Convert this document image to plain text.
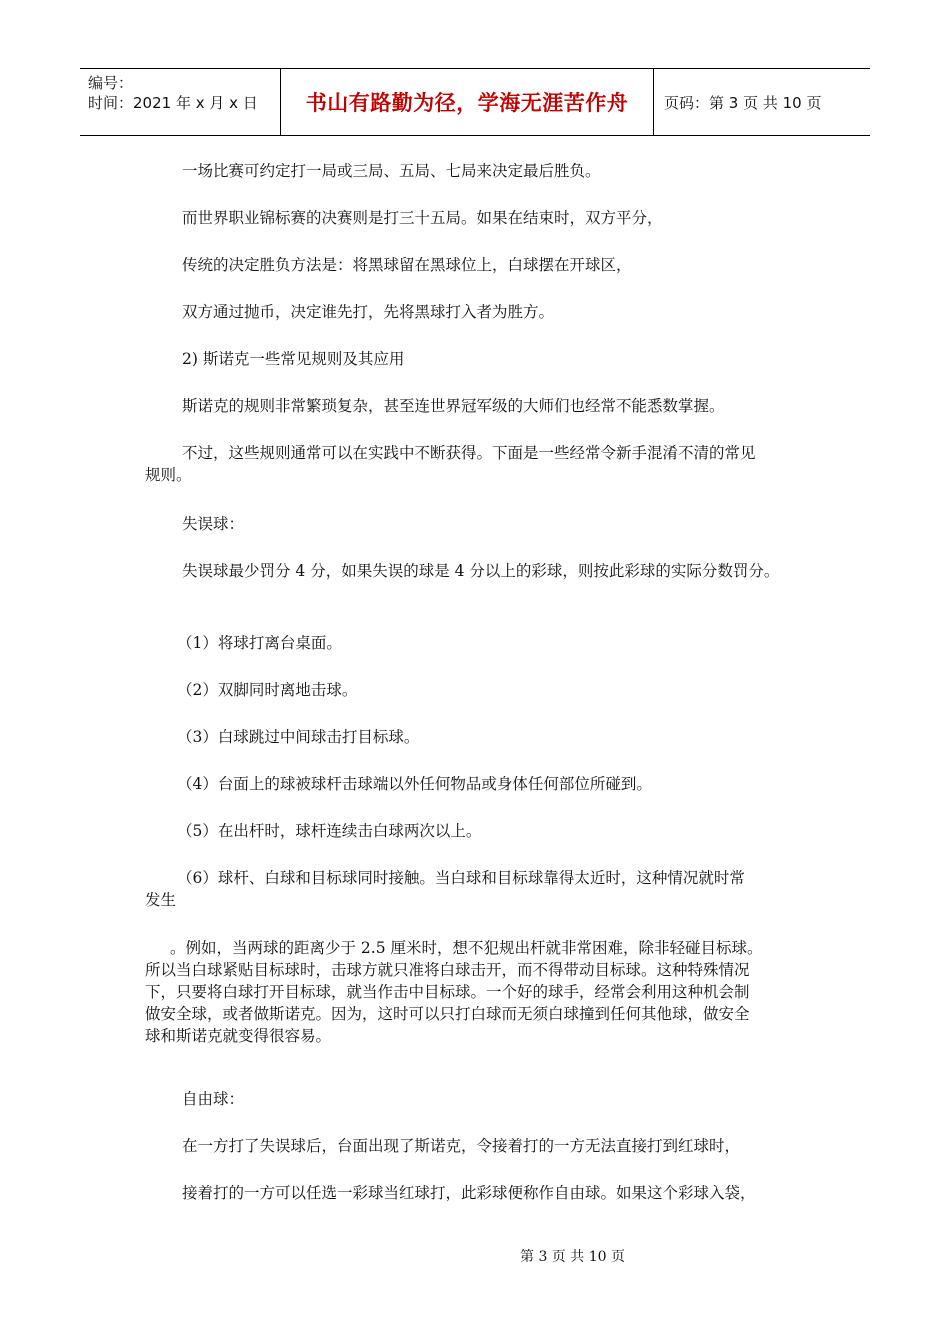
编号：
时间：2021 年 x 月 x 日	书山有路勤为径，学海无涯苦作舟	页码：第 3 页 共 10 页
一场比赛可约定打一局或三局、五局、七局来决定最后胜负。
而世界职业锦标赛的决赛则是打三十五局。如果在结束时，双方平分，
传统的决定胜负方法是：将黑球留在黑球位上，白球摆在开球区，
双方通过抛币，决定谁先打，先将黑球打入者为胜方。
2) 斯诺克一些常见规则及其应用
斯诺克的规则非常繁琐复杂，甚至连世界冠军级的大师们也经常不能悉数掌握。
不过，这些规则通常可以在实践中不断获得。下面是一些经常令新手混淆不清的常见
规则。
失误球：
失误球最少罚分 4 分，如果失误的球是 4 分以上的彩球，则按此彩球的实际分数罚分。
（1）将球打离台桌面。
（2）双脚同时离地击球。
（3）白球跳过中间球击打目标球。
（4）台面上的球被球杆击球端以外任何物品或身体任何部位所碰到。
（5）在出杆时，球杆连续击白球两次以上。
（6）球杆、白球和目标球同时接触。当白球和目标球靠得太近时，这种情况就时常
发生
。例如，当两球的距离少于 2.5 厘米时，想不犯规出杆就非常困难，除非轻碰目标球。
所以当白球紧贴目标球时，击球方就只准将白球击开，而不得带动目标球。这种特殊情况
下，只要将白球打开目标球，就当作击中目标球。一个好的球手，经常会利用这种机会制
做安全球，或者做斯诺克。因为，这时可以只打白球而无须白球撞到任何其他球，做安全
球和斯诺克就变得很容易。
自由球：
在一方打了失误球后，台面出现了斯诺克，令接着打的一方无法直接打到红球时，
接着打的一方可以任选一彩球当红球打，此彩球便称作自由球。如果这个彩球入袋，
第 3 页 共 10 页
